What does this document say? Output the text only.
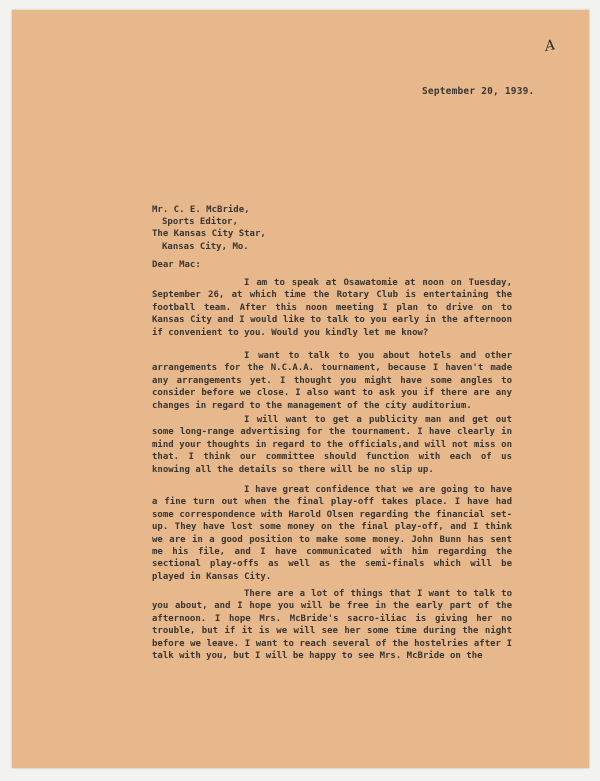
A
September 20, 1939.
Mr. C. E. McBride,
Sports Editor,
The Kansas City Star,
Kansas City, Mo.
Dear Mac:
I am to speak at Osawatomie at noon on Tuesday, September 26, at which time the Rotary Club is entertaining the football team. After this noon meeting I plan to drive on to Kansas City and I would like to talk to you early in the afternoon if convenient to you. Would you kindly let me know?
I want to talk to you about hotels and other arrangements for the N.C.A.A. tournament, because I haven't made any arrangements yet. I thought you might have some angles to consider before we close. I also want to ask you if there are any changes in regard to the management of the city auditorium.
I will want to get a publicity man and get out some long-range advertising for the tournament. I have clearly in mind your thoughts in regard to the officials,and will not miss on that. I think our committee should function with each of us knowing all the details so there will be no slip up.
I have great confidence that we are going to have a fine turn out when the final play-off takes place. I have had some correspondence with Harold Olsen regarding the financial set-up. They have lost some money on the final play-off, and I think we are in a good position to make some money. John Bunn has sent me his file, and I have communicated with him regarding the sectional play-offs as well as the semi-finals which will be played in Kansas City.
There are a lot of things that I want to talk to you about, and I hope you will be free in the early part of the afternoon. I hope Mrs. McBride's sacro-iliac is giving her no trouble, but if it is we will see her some time during the night before we leave. I want to reach several of the hostelries after I talk with you, but I will be happy to see Mrs. McBride on the
